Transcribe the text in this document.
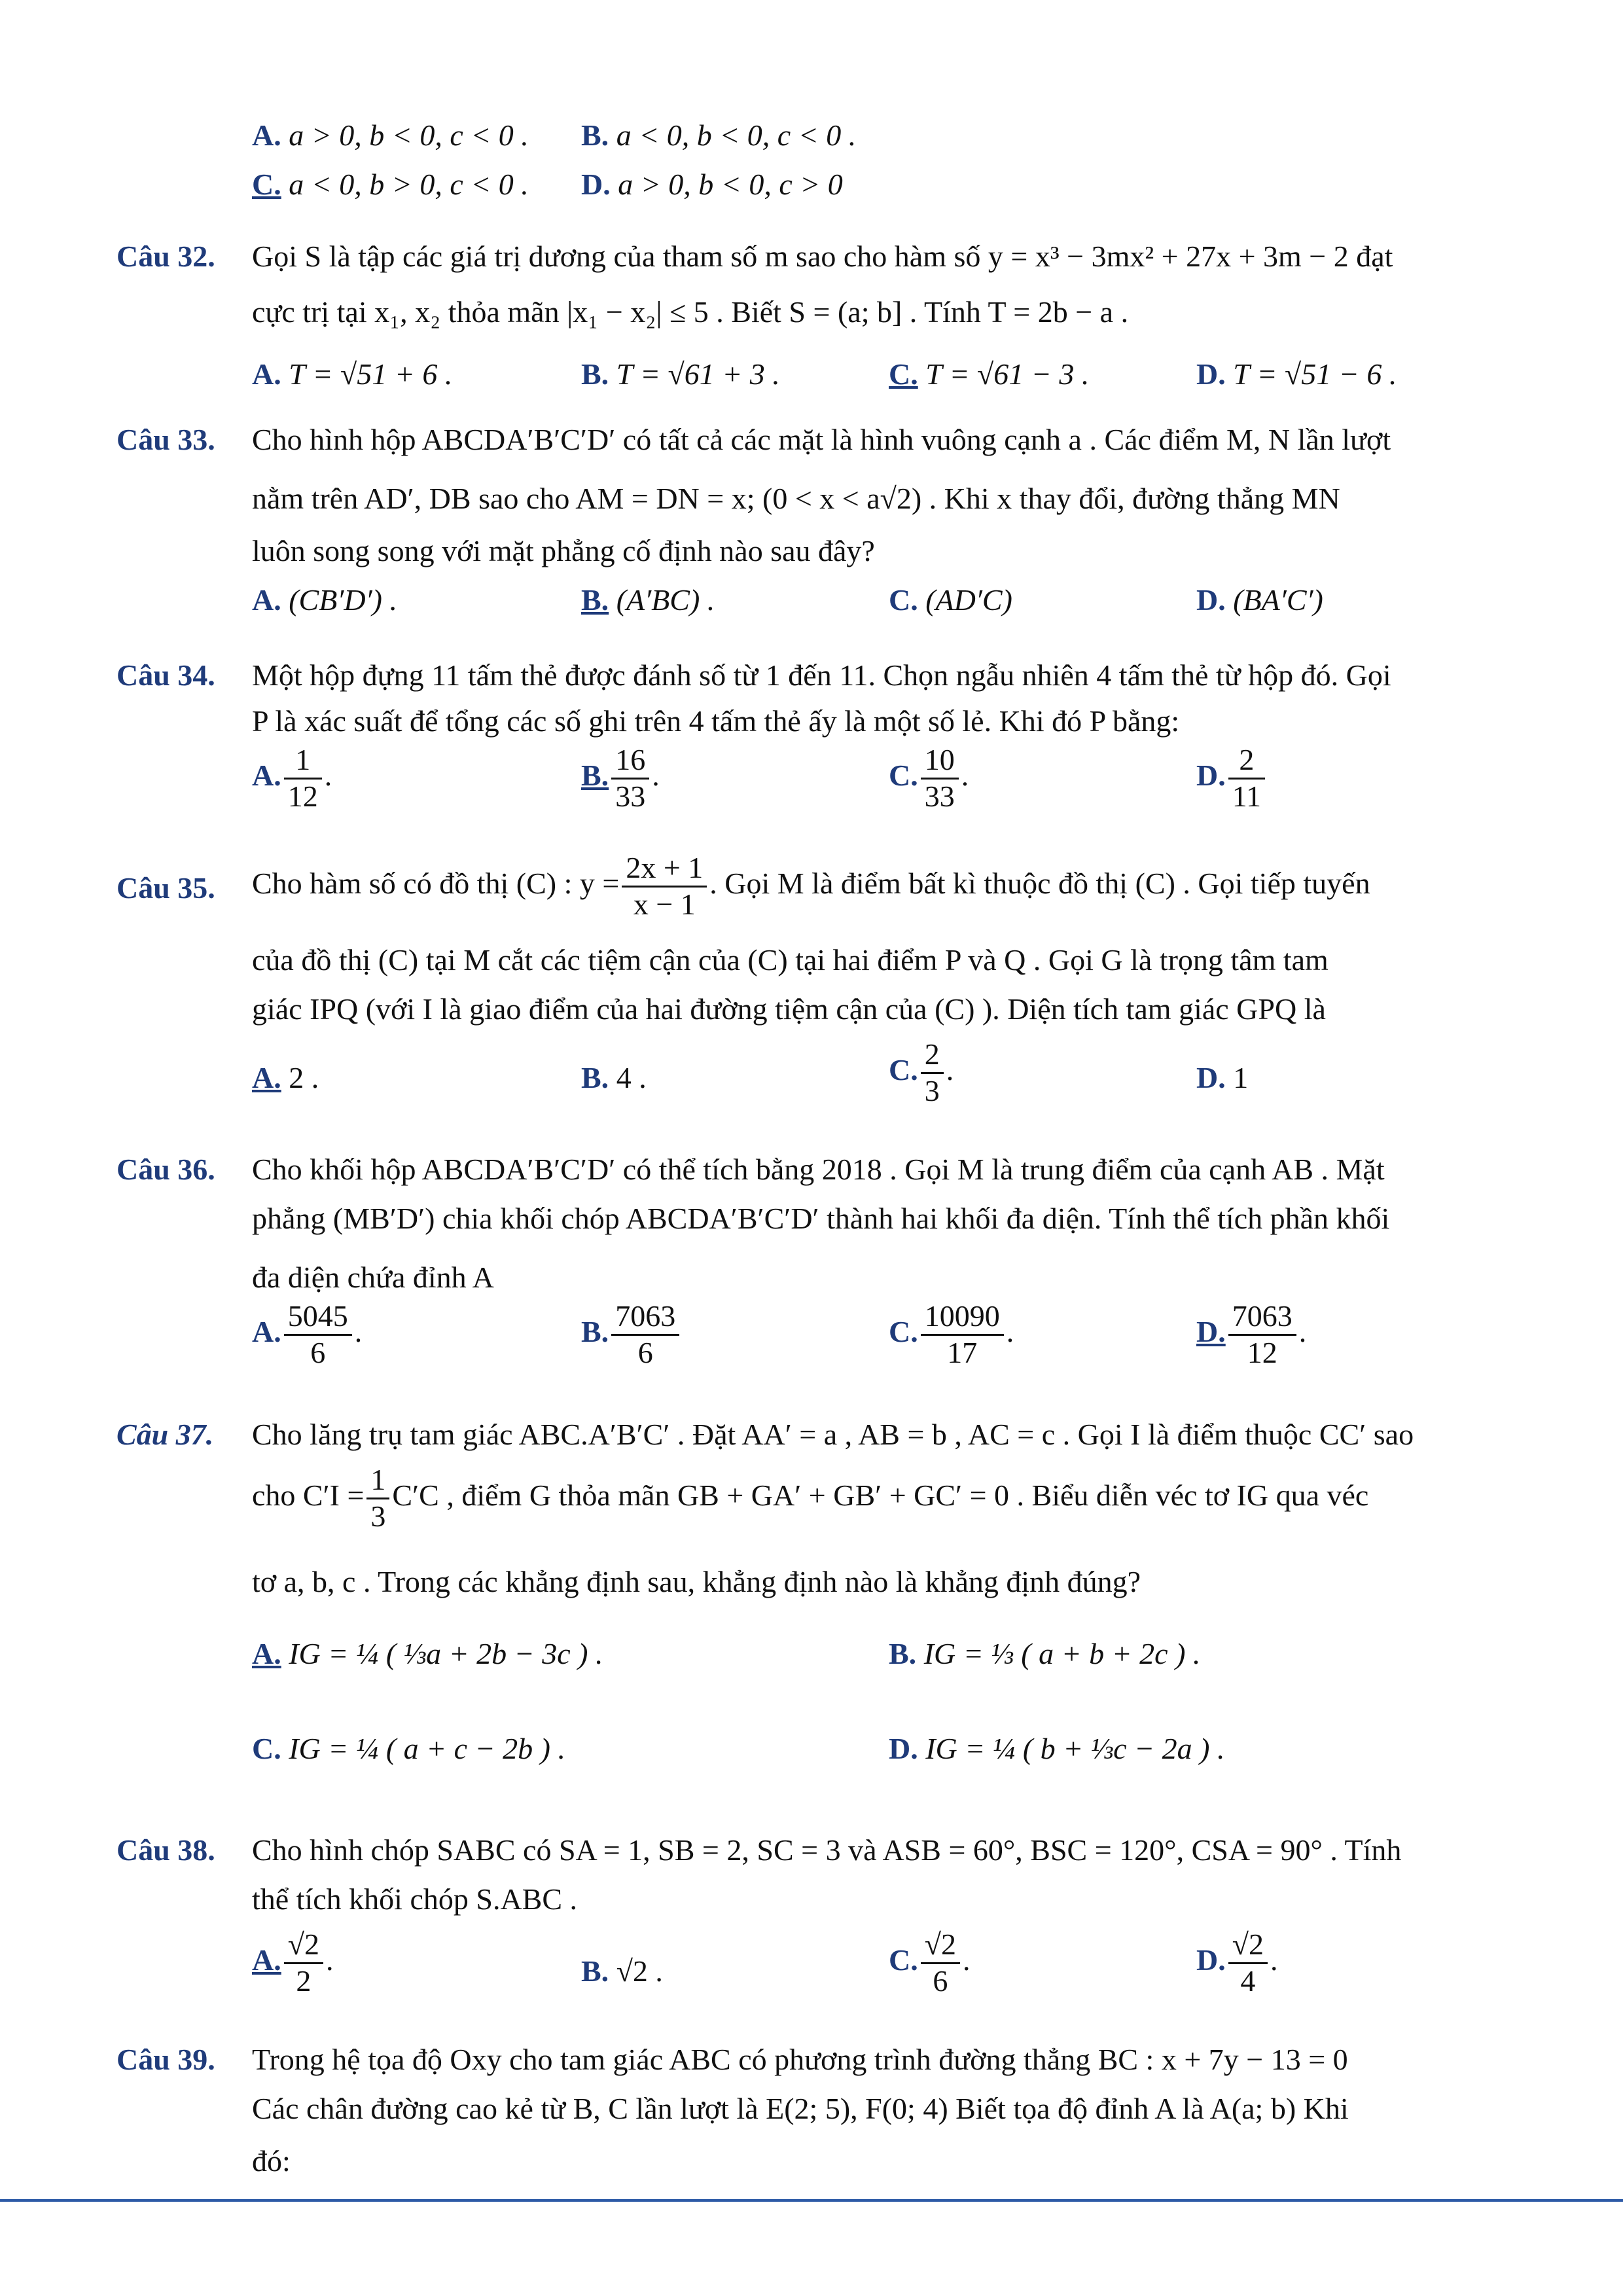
A. a > 0, b < 0, c < 0 . B. a < 0, b < 0, c < 0 .
C. a < 0, b > 0, c < 0 . D. a > 0, b < 0, c > 0
Câu 32. Gọi S là tập các giá trị dương của tham số m sao cho hàm số y = x³ − 3mx² + 27x + 3m − 2 đạt
cực trị tại x₁, x₂ thỏa mãn |x₁ − x₂| ≤ 5 . Biết S = (a; b] . Tính T = 2b − a .
A. T = √51 + 6 .	B. T = √61 + 3 .	C. T = √61 − 3 .	D. T = √51 − 6 .
Câu 33. Cho hình hộp ABCDA′B′C′D′ có tất cả các mặt là hình vuông cạnh a . Các điểm M, N lần lượt
nằm trên AD′, DB sao cho AM = DN = x; (0 < x < a√2) . Khi x thay đổi, đường thẳng MN
luôn song song với mặt phẳng cố định nào sau đây?
A. (CB′D′) .	B. (A′BC) .	C. (AD′C)	D. (BA′C′)
Câu 34. Một hộp đựng 11 tấm thẻ được đánh số từ 1 đến 11. Chọn ngẫu nhiên 4 tấm thẻ từ hộp đó. Gọi
P là xác suất để tổng các số ghi trên 4 tấm thẻ ấy là một số lẻ. Khi đó P bằng:
A. $\frac{1}{12}$ .	B. $\frac{16}{33}$ .	C. $\frac{10}{33}$ .	D. $\frac{2}{11}$
Câu 35. Cho hàm số có đồ thị (C) : $y = \frac{2x + 1}{x - 1}$ . Gọi M là điểm bất kì thuộc đồ thị (C) . Gọi tiếp tuyến
của đồ thị (C) tại M cắt các tiệm cận của (C) tại hai điểm P và Q . Gọi G là trọng tâm tam
giác IPQ (với I là giao điểm của hai đường tiệm cận của (C) ). Diện tích tam giác GPQ là
A. 2 .	B. 4 .	C. $\frac{2}{3}$ .	D. 1
Câu 36. Cho khối hộp ABCDA′B′C′D′ có thể tích bằng 2018 . Gọi M là trung điểm của cạnh AB . Mặt
phẳng (MB′D′) chia khối chóp ABCDA′B′C′D′ thành hai khối đa diện. Tính thể tích phần khối
đa diện chứa đỉnh A
A. $\frac{5045}{6}$ .	B. $\frac{7063}{6}$	C. $\frac{10090}{17}$ .	D. $\frac{7063}{12}$ .
Câu 37. Cho lăng trụ tam giác ABC.A′B′C′ . Đặt AA′ = a , AB = b , AC = c . Gọi I là điểm thuộc CC′ sao
cho $C'I = \frac{1}{3} C'C$ , điểm G thỏa mãn GB + GA′ + GB′ + GC′ = 0 . Biểu diễn véc tơ IG qua véc
tơ a, b, c . Trong các khẳng định sau, khẳng định nào là khẳng định đúng?
A. IG = ¼ ( ⅓a + 2b − 3c ) .	B. IG = ⅓ ( a + b + 2c ) .
C. IG = ¼ ( a + c − 2b ) .	D. IG = ¼ ( b + ⅓c − 2a ) .
Câu 38. Cho hình chóp SABC có SA = 1, SB = 2, SC = 3 và ASB = 60°, BSC = 120°, CSA = 90° . Tính
thể tích khối chóp S.ABC .
A. $\frac{√2}{2}$ .	B. √2 .	C. $\frac{√2}{6}$ .	D. $\frac{√2}{4}$ .
Câu 39. Trong hệ tọa độ Oxy cho tam giác ABC có phương trình đường thẳng BC : x + 7y − 13 = 0
Các chân đường cao kẻ từ B, C lần lượt là E(2; 5), F(0; 4) Biết tọa độ đỉnh A là A(a; b) Khi
đó:
